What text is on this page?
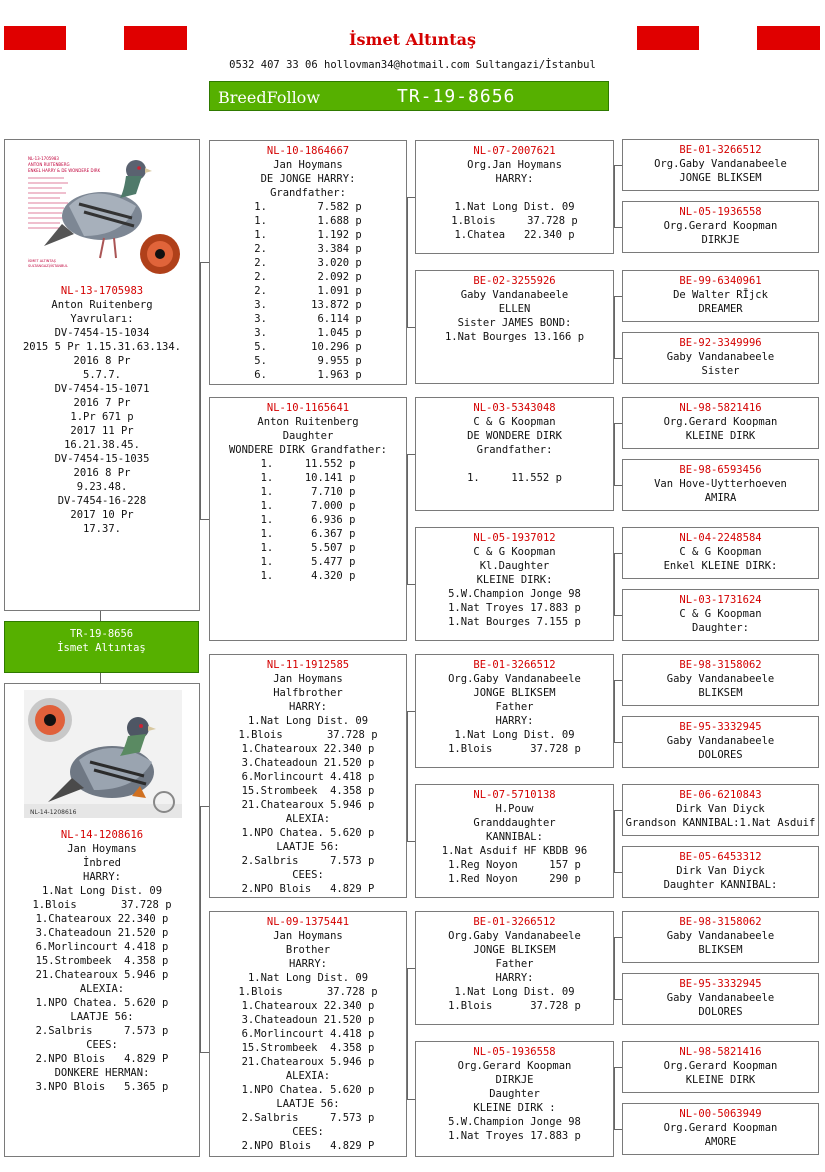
İsmet Altıntaş
0532 407 33 06 hollovman34@hotmail.com Sultangazi/İstanbul
BreedFollow	TR-19-8656
NL-13-1705983
ANTON RUITENBERG
ENKEL HARRY & DE WONDERE DIRK
İSMET ALTINTAŞ
SULTANGAZİ/İSTANBUL
NL-13-1705983
Anton Ruitenberg
Yavruları:
DV-7454-15-1034
2015 5 Pr 1.15.31.63.134.
2016 8 Pr
5.7.7.
DV-7454-15-1071
2016 7 Pr
1.Pr 671 p
2017 11 Pr
16.21.38.45.
DV-7454-15-1035
2016 8 Pr
9.23.48.
DV-7454-16-228
2017 10 Pr
17.37.
TR-19-8656
İsmet Altıntaş
NL-14-1208616
NL-14-1208616
Jan Hoymans
İnbred
HARRY:
1.Nat Long Dist. 09
1.Blois       37.728 p
1.Chatearoux 22.340 p
3.Chateadoun 21.520 p
6.Morlincourt 4.418 p
15.Strombeek  4.358 p
21.Chatearoux 5.946 p
ALEXIA:
1.NPO Chatea. 5.620 p
LAATJE 56:
2.Salbris     7.573 p
CEES:
2.NPO Blois   4.829 P
DONKERE HERMAN:
3.NPO Blois   5.365 p
NL-10-1864667
Jan Hoymans
DE JONGE HARRY:
Grandfather:
1.        7.582 p
1.        1.688 p
1.        1.192 p
2.        3.384 p
2.        3.020 p
2.        2.092 p
2.        1.091 p
3.       13.872 p
3.        6.114 p
3.        1.045 p
5.       10.296 p
5.        9.955 p
6.        1.963 p
NL-10-1165641
Anton Ruitenberg
Daughter
WONDERE DIRK Grandfather:
1.     11.552 p
1.     10.141 p
1.      7.710 p
1.      7.000 p
1.      6.936 p
1.      6.367 p
1.      5.507 p
1.      5.477 p
1.      4.320 p
NL-11-1912585
Jan Hoymans
Halfbrother
HARRY:
1.Nat Long Dist. 09
1.Blois       37.728 p
1.Chatearoux 22.340 p
3.Chateadoun 21.520 p
6.Morlincourt 4.418 p
15.Strombeek  4.358 p
21.Chatearoux 5.946 p
ALEXIA:
1.NPO Chatea. 5.620 p
LAATJE 56:
2.Salbris     7.573 p
CEES:
2.NPO Blois   4.829 P
NL-09-1375441
Jan Hoymans
Brother
HARRY:
1.Nat Long Dist. 09
1.Blois       37.728 p
1.Chatearoux 22.340 p
3.Chateadoun 21.520 p
6.Morlincourt 4.418 p
15.Strombeek  4.358 p
21.Chatearoux 5.946 p
ALEXIA:
1.NPO Chatea. 5.620 p
LAATJE 56:
2.Salbris     7.573 p
CEES:
2.NPO Blois   4.829 P
NL-07-2007621
Org.Jan Hoymans
HARRY:

1.Nat Long Dist. 09
1.Blois     37.728 p
1.Chatea   22.340 p
BE-02-3255926
Gaby Vandanabeele
ELLEN
Sister JAMES BOND:
1.Nat Bourges 13.166 p
NL-03-5343048
C & G Koopman
DE WONDERE DIRK
Grandfather:

1.     11.552 p
NL-05-1937012
C & G Koopman
Kl.Daughter
KLEINE DIRK:
5.W.Champion Jonge 98
1.Nat Troyes 17.883 p
1.Nat Bourges 7.155 p
BE-01-3266512
Org.Gaby Vandanabeele
JONGE BLIKSEM
Father
HARRY:
1.Nat Long Dist. 09
1.Blois      37.728 p
NL-07-5710138
H.Pouw
Granddaughter
KANNIBAL:
1.Nat Asduif HF KBDB 96
1.Reg Noyon     157 p
1.Red Noyon     290 p
BE-01-3266512
Org.Gaby Vandanabeele
JONGE BLIKSEM
Father
HARRY:
1.Nat Long Dist. 09
1.Blois      37.728 p
NL-05-1936558
Org.Gerard Koopman
DIRKJE
Daughter
KLEINE DIRK :
5.W.Champion Jonge 98
1.Nat Troyes 17.883 p
BE-01-3266512
Org.Gaby Vandanabeele
JONGE BLIKSEM
NL-05-1936558
Org.Gerard Koopman
DIRKJE
BE-99-6340961
De Walter RĪjck
DREAMER
BE-92-3349996
Gaby Vandanabeele
Sister
NL-98-5821416
Org.Gerard Koopman
KLEINE DIRK
BE-98-6593456
Van Hove-Uytterhoeven
AMIRA
NL-04-2248584
C & G Koopman
Enkel KLEINE DIRK:
NL-03-1731624
C & G Koopman
Daughter:
BE-98-3158062
Gaby Vandanabeele
BLIKSEM
BE-95-3332945
Gaby Vandanabeele
DOLORES
BE-06-6210843
Dirk Van Diyck
Grandson KANNIBAL:1.Nat Asduif
BE-05-6453312
Dirk Van Diyck
Daughter KANNIBAL:
BE-98-3158062
Gaby Vandanabeele
BLIKSEM
BE-95-3332945
Gaby Vandanabeele
DOLORES
NL-98-5821416
Org.Gerard Koopman
KLEINE DIRK
NL-00-5063949
Org.Gerard Koopman
AMORE
